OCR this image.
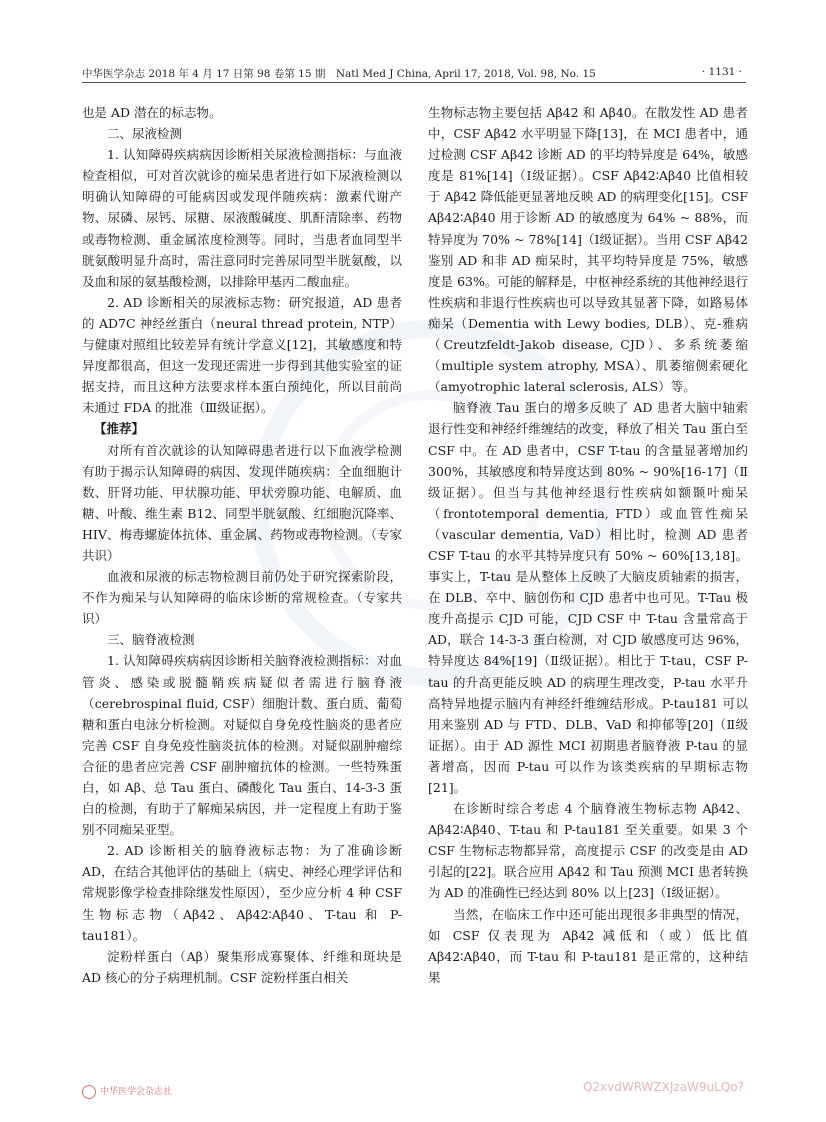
中华医学杂志 2018 年 4 月 17 日第 98 卷第 15 期　Natl Med J China, April 17, 2018, Vol. 98, No. 15	· 1131 ·

也是 AD 潜在的标志物。

二、尿液检测

1. 认知障碍疾病病因诊断相关尿液检测指标：与血液检查相似，可对首次就诊的痴呆患者进行如下尿液检测以明确认知障碍的可能病因或发现伴随疾病：激素代谢产物、尿磷、尿钙、尿糖、尿液酸碱度、肌酐清除率、药物或毒物检测、重金属浓度检测等。同时，当患者血同型半胱氨酸明显升高时，需注意同时完善尿同型半胱氨酸，以及血和尿的氨基酸检测，以排除甲基丙二酸血症。

2. AD 诊断相关的尿液标志物：研究报道，AD 患者的 AD7C 神经丝蛋白（neural thread protein, NTP）与健康对照组比较差异有统计学意义[12]，其敏感度和特异度都很高，但这一发现还需进一步得到其他实验室的证据支持，而且这种方法要求样本蛋白预纯化，所以目前尚未通过 FDA 的批准（Ⅲ级证据）。

【推荐】

对所有首次就诊的认知障碍患者进行以下血液学检测有助于揭示认知障碍的病因、发现伴随疾病：全血细胞计数、肝肾功能、甲状腺功能、甲状旁腺功能、电解质、血糖、叶酸、维生素 B12、同型半胱氨酸、红细胞沉降率、HIV、梅毒螺旋体抗体、重金属、药物或毒物检测。（专家共识）

血液和尿液的标志物检测目前仍处于研究探索阶段，不作为痴呆与认知障碍的临床诊断的常规检查。（专家共识）

三、脑脊液检测

1. 认知障碍疾病病因诊断相关脑脊液检测指标：对血管炎、感染或脱髓鞘疾病疑似者需进行脑脊液（cerebrospinal fluid, CSF）细胞计数、蛋白质、葡萄糖和蛋白电泳分析检测。对疑似自身免疫性脑炎的患者应完善 CSF 自身免疫性脑炎抗体的检测。对疑似副肿瘤综合征的患者应完善 CSF 副肿瘤抗体的检测。一些特殊蛋白，如 Aβ、总 Tau 蛋白、磷酸化 Tau 蛋白、14-3-3 蛋白的检测，有助于了解痴呆病因，并一定程度上有助于鉴别不同痴呆亚型。

2. AD 诊断相关的脑脊液标志物：为了准确诊断 AD，在结合其他评估的基础上（病史、神经心理学评估和常规影像学检查排除继发性原因），至少应分析 4 种 CSF 生物标志物（Aβ42、Aβ42∶Aβ40、T-tau 和 P-tau181）。

淀粉样蛋白（Aβ）聚集形成寡聚体、纤维和斑块是 AD 核心的分子病理机制。CSF 淀粉样蛋白相关

生物标志物主要包括 Aβ42 和 Aβ40。在散发性 AD 患者中，CSF Aβ42 水平明显下降[13]，在 MCI 患者中，通过检测 CSF Aβ42 诊断 AD 的平均特异度是 64%，敏感度是 81%[14]（Ⅰ级证据）。CSF Aβ42∶Aβ40 比值相较于 Aβ42 降低能更显著地反映 AD 的病理变化[15]。CSF Aβ42∶Aβ40 用于诊断 AD 的敏感度为 64% ~ 88%，而特异度为 70% ~ 78%[14]（Ⅰ级证据）。当用 CSF Aβ42 鉴别 AD 和非 AD 痴呆时，其平均特异度是 75%，敏感度是 63%。可能的解释是，中枢神经系统的其他神经退行性疾病和非退行性疾病也可以导致其显著下降，如路易体痴呆（Dementia with Lewy bodies, DLB）、克-雅病（Creutzfeldt-Jakob disease, CJD）、多系统萎缩（multiple system atrophy, MSA）、肌萎缩侧索硬化（amyotrophic lateral sclerosis, ALS）等。

脑脊液 Tau 蛋白的增多反映了 AD 患者大脑中轴索退行性变和神经纤维缠结的改变，释放了相关 Tau 蛋白至 CSF 中。在 AD 患者中，CSF T-tau 的含量显著增加约 300%，其敏感度和特异度达到 80% ~ 90%[16-17]（Ⅱ级证据）。但当与其他神经退行性疾病如额颞叶痴呆（frontotemporal dementia, FTD）或血管性痴呆（vascular dementia, VaD）相比时，检测 AD 患者 CSF T-tau 的水平其特异度只有 50% ~ 60%[13,18]。事实上，T-tau 是从整体上反映了大脑皮质轴索的损害，在 DLB、卒中、脑创伤和 CJD 患者中也可见。T-Tau 极度升高提示 CJD 可能，CJD CSF 中 T-tau 含量常高于 AD，联合 14-3-3 蛋白检测，对 CJD 敏感度可达 96%，特异度达 84%[19]（Ⅱ级证据）。相比于 T-tau，CSF P-tau 的升高更能反映 AD 的病理生理改变，P-tau 水平升高特异地提示脑内有神经纤维缠结形成。P-tau181 可以用来鉴别 AD 与 FTD、DLB、VaD 和抑郁等[20]（Ⅱ级证据）。由于 AD 源性 MCI 初期患者脑脊液 P-tau 的显著增高，因而 P-tau 可以作为该类疾病的早期标志物[21]。

在诊断时综合考虑 4 个脑脊液生物标志物 Aβ42、Aβ42∶Aβ40、T-tau 和 P-tau181 至关重要。如果 3 个 CSF 生物标志物都异常，高度提示 CSF 的改变是由 AD 引起的[22]。联合应用 Aβ42 和 Tau 预测 MCI 患者转换为 AD 的准确性已经达到 80% 以上[23]（Ⅰ级证据）。

当然，在临床工作中还可能出现很多非典型的情况，如 CSF 仅表现为 Aβ42 减低和（或）低比值 Aβ42∶Aβ40，而 T-tau 和 P-tau181 是正常的，这种结果

中华医学会杂志社	Q2xvdWRWZXJzaW9uLQo?
